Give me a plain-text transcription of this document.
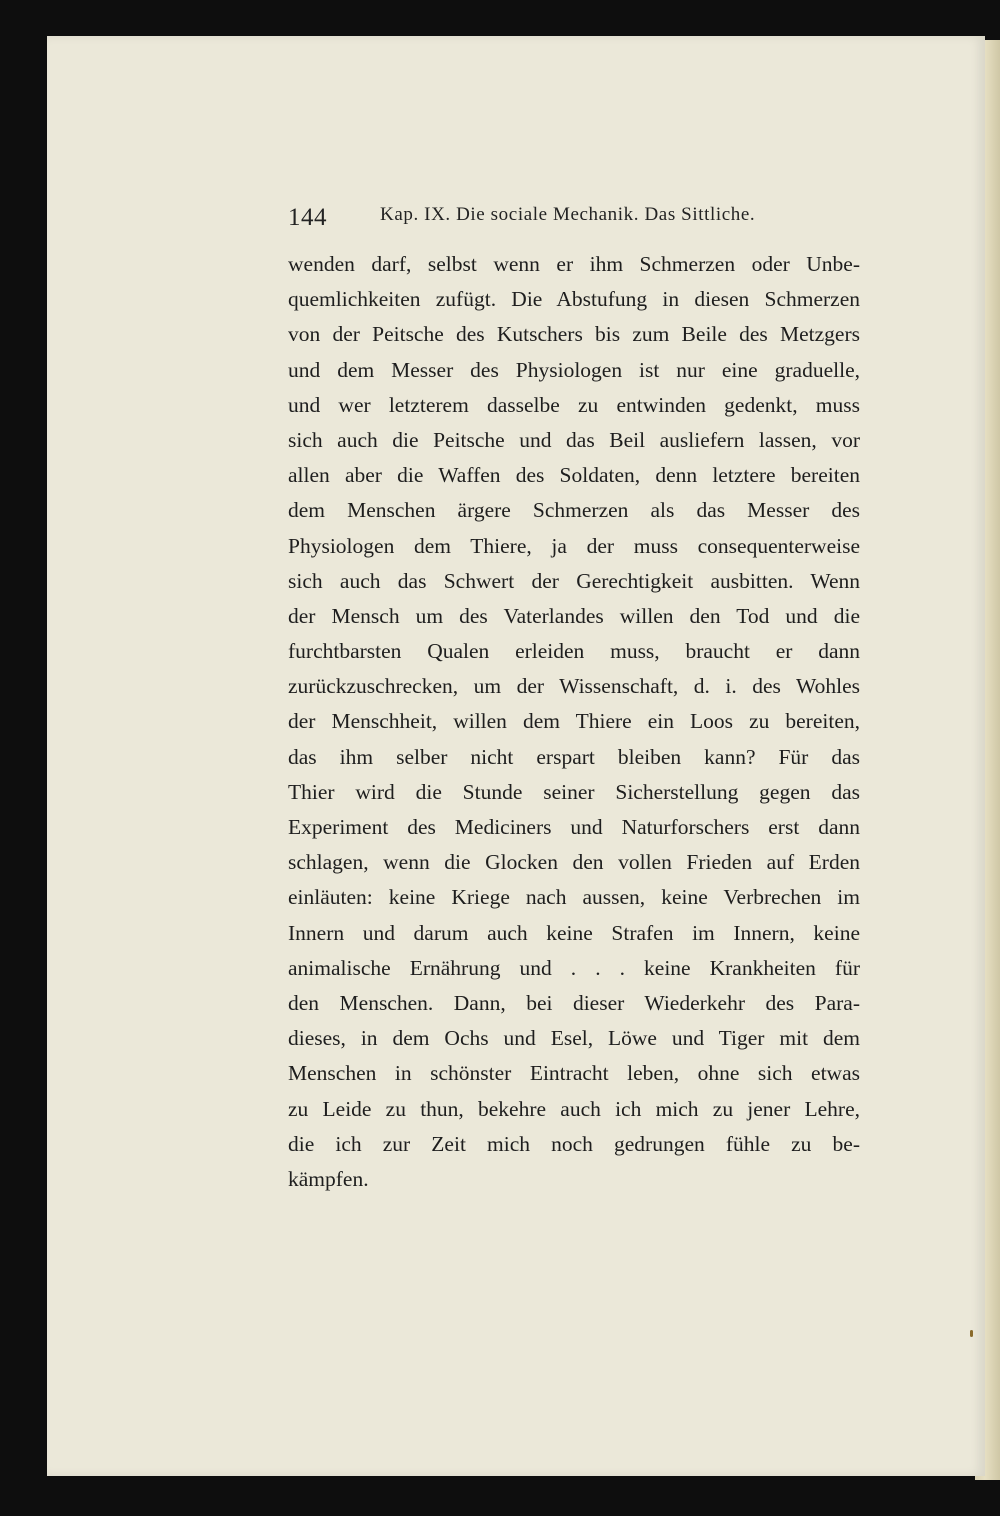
144	Kap. IX. Die sociale Mechanik. Das Sittliche.
wenden darf, selbst wenn er ihm Schmerzen oder Unbe-
quemlichkeiten zufügt. Die Abstufung in diesen Schmerzen
von der Peitsche des Kutschers bis zum Beile des Metzgers
und dem Messer des Physiologen ist nur eine graduelle,
und wer letzterem dasselbe zu entwinden gedenkt, muss
sich auch die Peitsche und das Beil ausliefern lassen, vor
allen aber die Waffen des Soldaten, denn letztere bereiten
dem Menschen ärgere Schmerzen als das Messer des
Physiologen dem Thiere, ja der muss consequenterweise
sich auch das Schwert der Gerechtigkeit ausbitten. Wenn
der Mensch um des Vaterlandes willen den Tod und die
furchtbarsten Qualen erleiden muss, braucht er dann
zurückzuschrecken, um der Wissenschaft, d. i. des Wohles
der Menschheit, willen dem Thiere ein Loos zu bereiten,
das ihm selber nicht erspart bleiben kann? Für das
Thier wird die Stunde seiner Sicherstellung gegen das
Experiment des Mediciners und Naturforschers erst dann
schlagen, wenn die Glocken den vollen Frieden auf Erden
einläuten: keine Kriege nach aussen, keine Verbrechen im
Innern und darum auch keine Strafen im Innern, keine
animalische Ernährung und . . . keine Krankheiten für
den Menschen. Dann, bei dieser Wiederkehr des Para-
dieses, in dem Ochs und Esel, Löwe und Tiger mit dem
Menschen in schönster Eintracht leben, ohne sich etwas
zu Leide zu thun, bekehre auch ich mich zu jener Lehre,
die ich zur Zeit mich noch gedrungen fühle zu be-
kämpfen.
